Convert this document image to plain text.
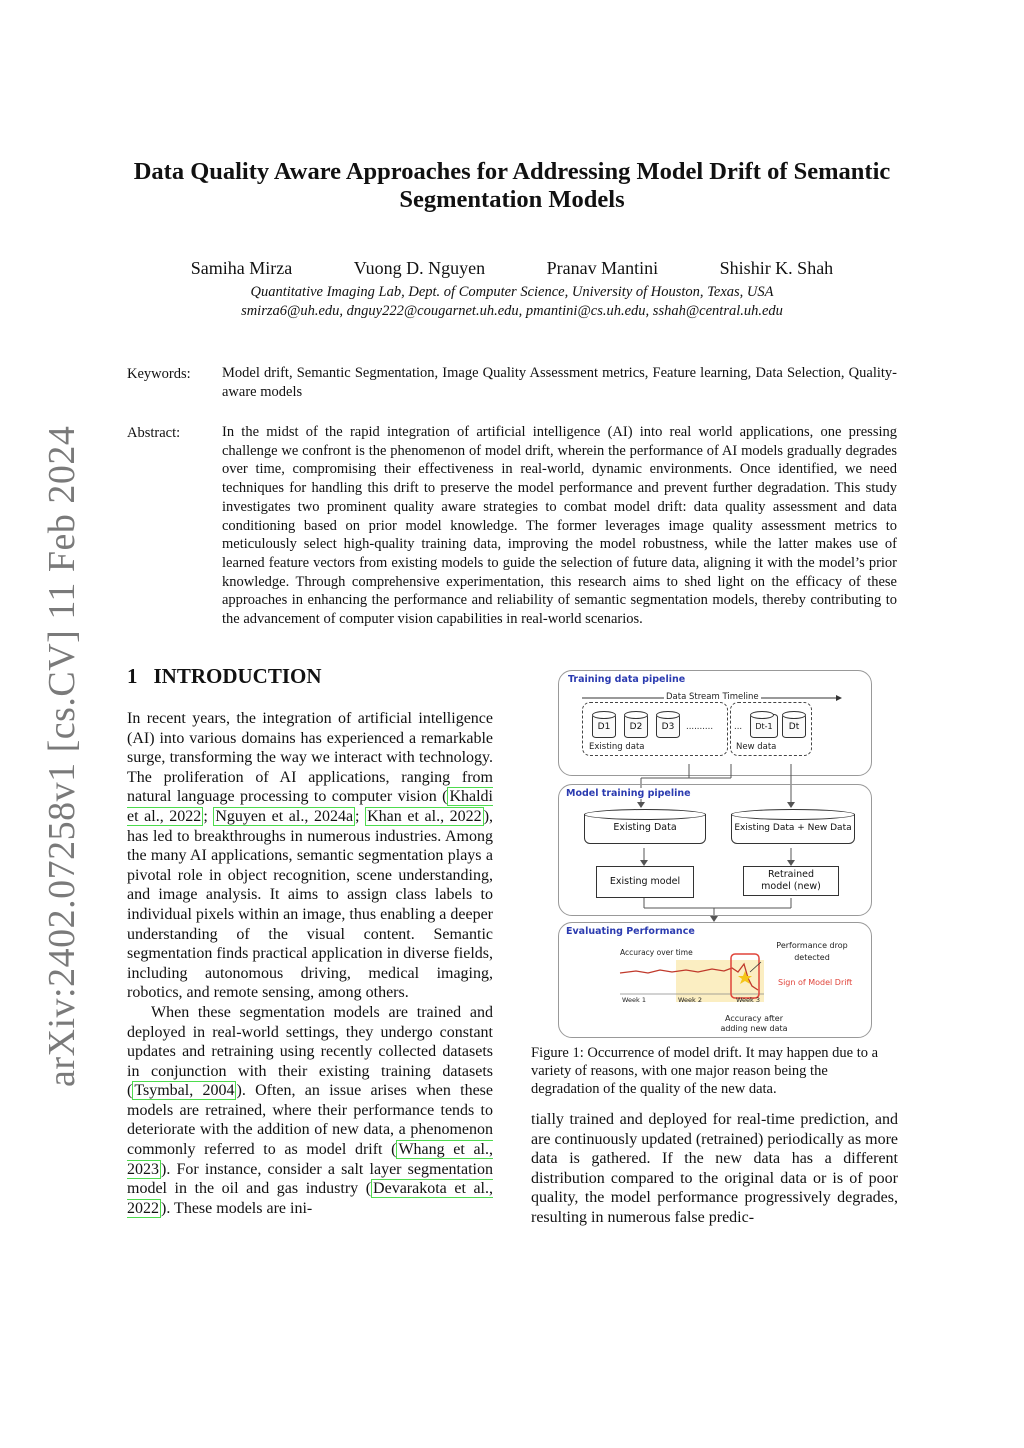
arXiv:2402.07258v1 [cs.CV] 11 Feb 2024
Data Quality Aware Approaches for Addressing Model Drift of Semantic Segmentation Models
Samiha Mirza	Vuong D. Nguyen	Pranav Mantini	Shishir K. Shah
Quantitative Imaging Lab, Dept. of Computer Science, University of Houston, Texas, USA
smirza6@uh.edu, dnguy222@cougarnet.uh.edu, pmantini@cs.uh.edu, sshah@central.uh.edu
Keywords: Model drift, Semantic Segmentation, Image Quality Assessment metrics, Feature learning, Data Selection, Quality-aware models
Abstract:	In the midst of the rapid integration of artificial intelligence (AI) into real world applications, one pressing challenge we confront is the phenomenon of model drift, wherein the performance of AI models gradually degrades over time, compromising their effectiveness in real-world, dynamic environments. Once identified, we need techniques for handling this drift to preserve the model performance and prevent further degradation. This study investigates two prominent quality aware strategies to combat model drift: data quality assessment and data conditioning based on prior model knowledge. The former leverages image quality assessment metrics to meticulously select high-quality training data, improving the model robustness, while the latter makes use of learned feature vectors from existing models to guide the selection of future data, aligning it with the model’s prior knowledge. Through comprehensive experimentation, this research aims to shed light on the efficacy of these approaches in enhancing the performance and reliability of semantic segmentation models, thereby contributing to the advancement of computer vision capabilities in real-world scenarios.
1 INTRODUCTION
In recent years, the integration of artificial intelligence (AI) into various domains has experienced a remarkable surge, transforming the way we interact with technology. The proliferation of AI applications, ranging from natural language processing to computer vision ( Khaldi et al., 2022 ; Nguyen et al., 2024a ; Khan et al., 2022 ), has led to breakthroughs in numerous industries. Among the many AI applications, semantic segmentation plays a pivotal role in object recognition, scene understanding, and image analysis. It aims to assign class labels to individual pixels within an image, thus enabling a deeper understanding of the visual content. Semantic segmentation finds practical application in diverse fields, including autonomous driving, medical imaging, robotics, and remote sensing, among others.
When these segmentation models are trained and deployed in real-world settings, they undergo constant updates and retraining using recently collected datasets in conjunction with their existing training datasets ( Tsymbal, 2004 ). Often, an issue arises when these models are retrained, where their performance tends to deteriorate with the addition of new data, a phenomenon commonly referred to as model drift ( Whang et al., 2023 ). For instance, consider a salt layer segmentation model in the oil and gas industry ( Devarakota et al., 2022 ). These models are ini-
Training data pipeline
Data Stream Timeline
D1	D2	D3	.......... ...	Dt-1	Dt
Existing data	New data
Model training pipeline
Existing Data	Existing Data + New Data
Existing model
Retrained model (new)
Evaluating Performance
Accuracy over time
Performance drop detected
Sign of Model Drift
Week 1	Week 2	Week 3
Accuracy after adding new data
Figure 1: Occurrence of model drift. It may happen due to a variety of reasons, with one major reason being the degradation of the quality of the new data.
tially trained and deployed for real-time prediction, and are continuously updated (retrained) periodically as more data is gathered. If the new data has a different distribution compared to the original data or is of poor quality, the model performance progressively degrades, resulting in numerous false predic-
